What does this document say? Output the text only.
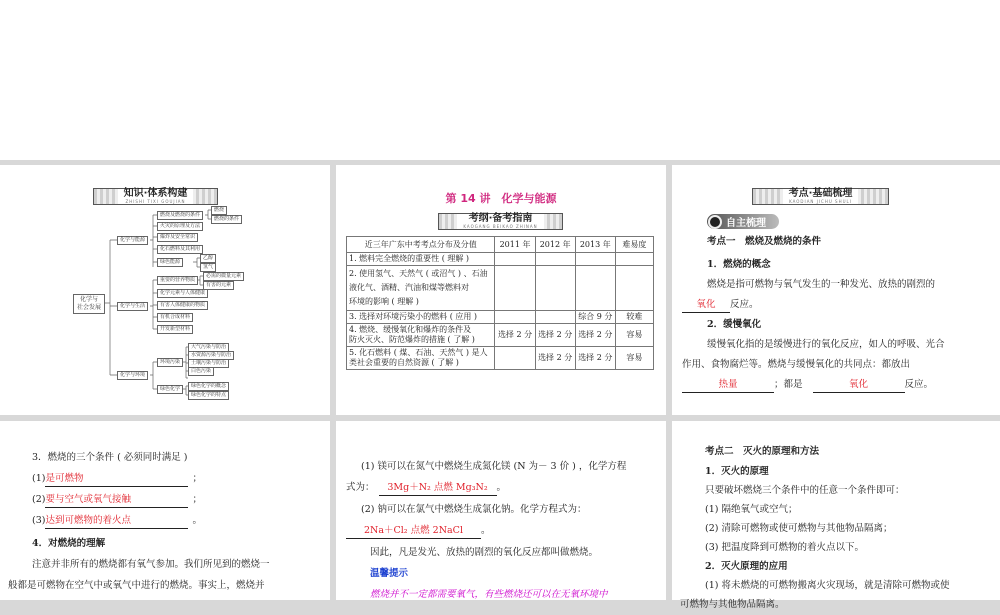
知识·体系构建
ZHISHI TIXI GOUJIAN
化学与
社会发展
化学与能源
化学与生活
化学与环境
燃烧及燃烧的条件
火灾的原理及方法
爆炸及安全常识
化石燃料及其利用
绿色能源
燃烧
燃烧的条件
乙醇
氢气
重要的营养物质
化学元素与人体健康
有害人体健康的物质
有机合成材料
开发新型材料
必需的微量元素
有害的元素
环境污染
绿色化学
大气污染与防治
水资源污染与防治
土壤污染与防治
白色污染
绿色化学的概念
绿色化学的特点
第 14 讲　化学与能源
考纲·备考指南
KAOGANG BEIKAO ZHINAN
近三年广东中考考点分布及分值	2011 年	2012 年	2013 年	难易度
1. 燃料完全燃烧的重要性 ( 理解 )				
2. 使用氢气、天然气 ( 或沼气 ) 、石油
液化气、酒精、汽油和煤等燃料对
环境的影响 ( 理解 )				
3. 选择对环境污染小的燃料 ( 应用 )			综合 9 分	较难
4. 燃烧、缓慢氧化和爆炸的条件及
防火灭火、防范爆炸的措施 ( 了解 )	选择 2 分	选择 2 分	选择 2 分	容易
5. 化石燃料 ( 煤、石油、天然气 ) 是人
类社会重要的自然资源 ( 了解 )		选择 2 分	选择 2 分	容易
考点·基础梳理
KAODIAN JICHU SHULI
自主梳理
考点一　燃烧及燃烧的条件
1．燃烧的概念
燃烧是指可燃物与氧气发生的一种发光、放热的剧烈的
氧化 反应。
2．缓慢氧化
缓慢氧化指的是缓慢进行的氧化反应，如人的呼吸、光合
作用、食物腐烂等。燃烧与缓慢氧化的共同点：都放出
热量	；都是	氧化	反应。
3．燃烧的三个条件 ( 必须同时满足 )
(1)是可燃物	；
(2)要与空气或氧气接触	；
(3)达到可燃物的着火点	。
4．对燃烧的理解
注意并非所有的燃烧都有氧气参加。我们所见到的燃烧一
般都是可燃物在空气中或氧气中进行的燃烧。事实上，燃烧并
(1) 镁可以在氮气中燃烧生成氮化镁 (N 为－ 3 价 ) ，化学方程
式为： 3Mg＋N₂ 点燃 Mg₃N₂ 。
(2) 钠可以在氯气中燃烧生成氯化钠。化学方程式为：
2Na＋Cl₂ 点燃 2NaCl 。
因此，凡是发光、放热的剧烈的氧化反应都叫做燃烧。
温馨提示
燃烧并不一定都需要氧气，有些燃烧还可以在无氧环境中
考点二　灭火的原理和方法
1．灭火的原理
只要破坏燃烧三个条件中的任意一个条件即可：
(1) 隔绝氧气或空气；
(2) 清除可燃物或使可燃物与其他物品隔离；
(3) 把温度降到可燃物的着火点以下。
2．灭火原理的应用
(1) 将未燃烧的可燃物搬离火灾现场，就是清除可燃物或使
可燃物与其他物品隔离。
